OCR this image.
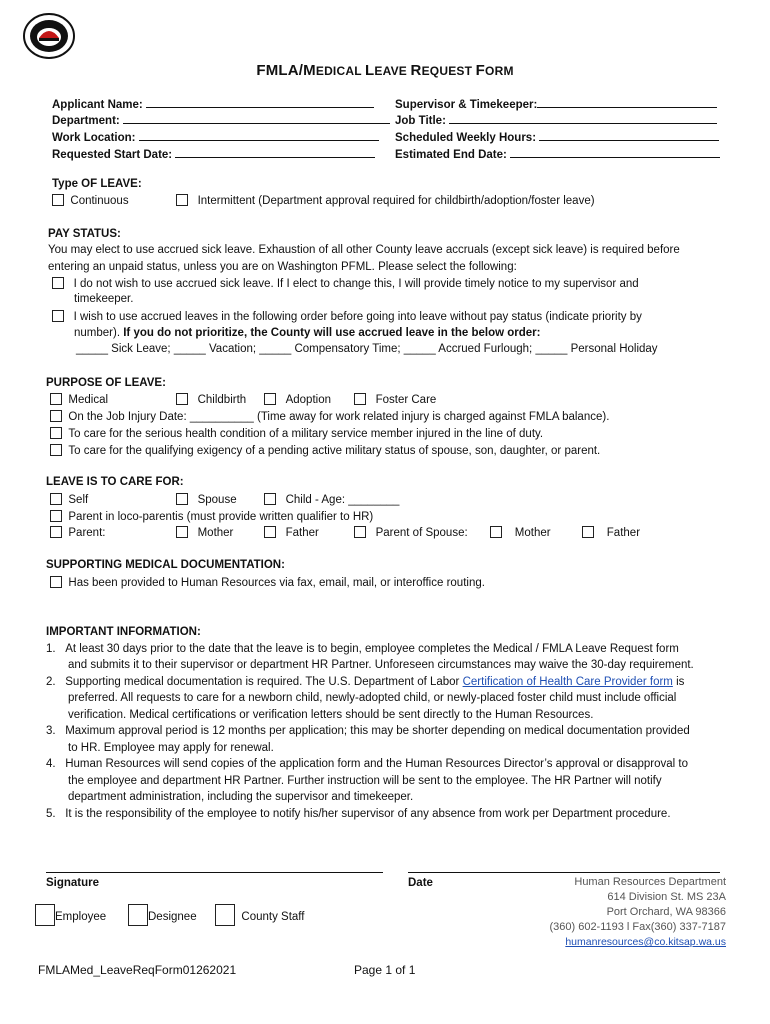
FMLA/MEDICAL LEAVE REQUEST FORM
Applicant Name:
Department:
Work Location:
Requested Start Date:
Supervisor & Timekeeper:
Job Title:
Scheduled Weekly Hours:
Estimated End Date:
Type OF LEAVE:
Continuous	Intermittent (Department approval required for childbirth/adoption/foster leave)
PAY STATUS:
You may elect to use accrued sick leave. Exhaustion of all other County leave accruals (except sick leave) is required before
entering an unpaid status, unless you are on Washington PFML. Please select the following:
I do not wish to use accrued sick leave. If I elect to change this, I will provide timely notice to my supervisor and
timekeeper.
I wish to use accrued leaves in the following order before going into leave without pay status (indicate priority by
number). If you do not prioritize, the County will use accrued leave in the below order:
_____ Sick Leave; _____ Vacation; _____ Compensatory Time; _____ Accrued Furlough; _____ Personal Holiday
PURPOSE OF LEAVE:
Medical	Childbirth	Adoption	Foster Care
On the Job Injury Date: __________ (Time away for work related injury is charged against FMLA balance).
To care for the serious health condition of a military service member injured in the line of duty.
To care for the qualifying exigency of a pending active military status of spouse, son, daughter, or parent.
LEAVE IS TO CARE FOR:
Self	Spouse	Child - Age: ________
Parent in loco-parentis (must provide written qualifier to HR)
Parent:	Mother	Father	Parent of Spouse:	Mother	Father
SUPPORTING MEDICAL DOCUMENTATION:
Has been provided to Human Resources via fax, email, mail, or interoffice routing.
IMPORTANT INFORMATION:
1.   At least 30 days prior to the date that the leave is to begin, employee completes the Medical / FMLA Leave Request form
and submits it to their supervisor or department HR Partner. Unforeseen circumstances may waive the 30-day requirement.
2.   Supporting medical documentation is required. The U.S. Department of Labor Certification of Health Care Provider form is
preferred. All requests to care for a newborn child, newly-adopted child, or newly-placed foster child must include official
verification. Medical certifications or verification letters should be sent directly to the Human Resources.
3.   Maximum approval period is 12 months per application; this may be shorter depending on medical documentation provided
to HR. Employee may apply for renewal.
4.   Human Resources will send copies of the application form and the Human Resources Director’s approval or disapproval to
the employee and department HR Partner. Further instruction will be sent to the employee. The HR Partner will notify
department administration, including the supervisor and timekeeper.
5.   It is the responsibility of the employee to notify his/her supervisor of any absence from work per Department procedure.
Signature	Date
Employee	Designee	County Staff
Human Resources Department
614 Division St. MS 23A
Port Orchard, WA 98366
(360) 602-1193 l Fax(360) 337-7187
humanresources@co.kitsap.wa.us
FMLAMed_LeaveReqForm01262021	Page 1 of 1
